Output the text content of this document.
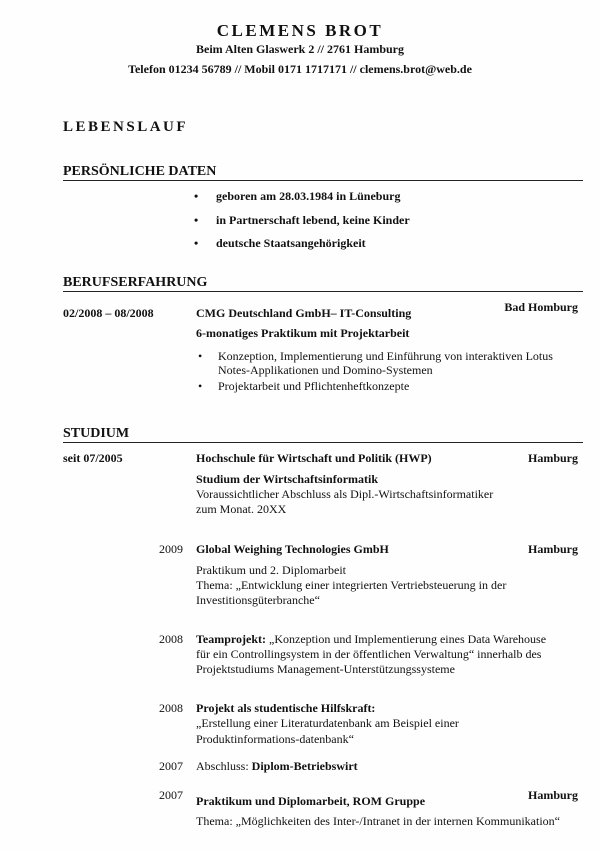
CLEMENS BROT
Beim Alten Glaswerk 2 // 2761 Hamburg
Telefon 01234 56789 // Mobil 0171 1717171 // clemens.brot@web.de
LEBENSLAUF
PERSÖNLICHE DATEN
• geboren am 28.03.1984 in Lüneburg
• in Partnerschaft lebend, keine Kinder
• deutsche Staatsangehörigkeit
BERUFSERFAHRUNG
02/2008 – 08/2008	CMG Deutschland GmbH– IT-Consulting	Bad Homburg
6-monatiges Praktikum mit Projektarbeit
• Konzeption, Implementierung und Einführung von interaktiven Lotus
Notes-Applikationen und Domino-Systemen
• Projektarbeit und Pflichtenheftkonzepte
STUDIUM
seit 07/2005	Hochschule für Wirtschaft und Politik (HWP)	Hamburg
Studium der Wirtschaftsinformatik
Voraussichtlicher Abschluss als Dipl.-Wirtschaftsinformatiker
zum Monat. 20XX
2009 Global Weighing Technologies GmbH	Hamburg
Praktikum und 2. Diplomarbeit
Thema: „Entwicklung einer integrierten Vertriebsteuerung in der
Investitionsgüterbranche“
2008 Teamprojekt: „Konzeption und Implementierung eines Data Warehouse
für ein Controllingsystem in der öffentlichen Verwaltung“ innerhalb des
Projektstudiums Management-Unterstützungssysteme
2008 Projekt als studentische Hilfskraft:
„Erstellung einer Literaturdatenbank am Beispiel einer
Produktinformations-datenbank“
2007 Abschluss: Diplom-Betriebswirt
2007 Praktikum und Diplomarbeit, ROM Gruppe	Hamburg
Thema: „Möglichkeiten des Inter-/Intranet in der internen Kommunikation“
